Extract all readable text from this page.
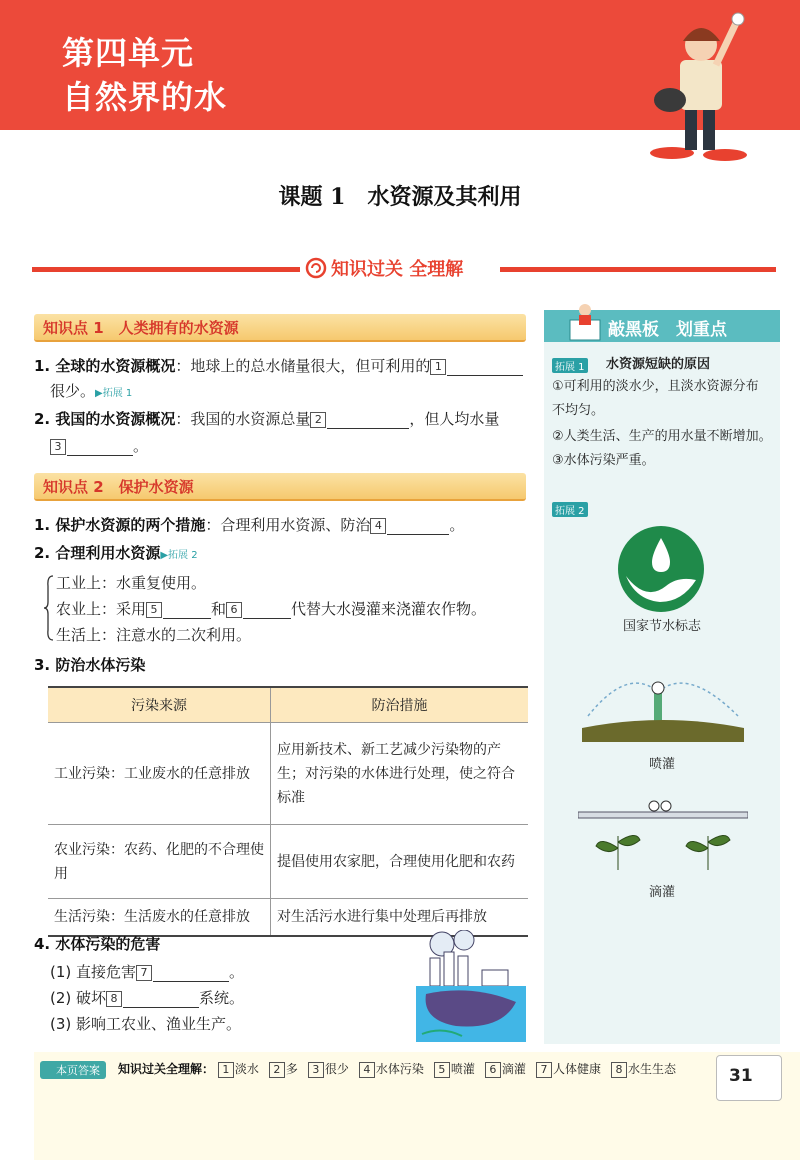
第四单元
自然界的水
课题 1　水资源及其利用
知识过关 全理解
知识点 1　人类拥有的水资源
1. 全球的水资源概况：地球上的总水储量很大，但可利用的 1
很少。▶拓展 1
2. 我国的水资源概况：我国的水资源总量 2	，但人均水量
3	。
知识点 2　保护水资源
1. 保护水资源的两个措施：合理利用水资源、防治 4	。
2. 合理利用水资源▶拓展 2
工业上：水重复使用。
农业上：采用 5	和 6	代替大水漫灌来浇灌农作物。
生活上：注意水的二次利用。
3. 防治水体污染
污染来源	防治措施
工业污染：工业废水的任意排放	应用新技术、新工艺减少污染物的产生；对污染的水体进行处理，使之符合标准
农业污染：农药、化肥的不合理使用	提倡使用农家肥，合理使用化肥和农药
生活污染：生活废水的任意排放	对生活污水进行集中处理后再排放
4. 水体污染的危害
(1) 直接危害 7	。
(2) 破坏 8	系统。
(3) 影响工农业、渔业生产。
敲黑板　划重点
拓展 1 水资源短缺的原因
①可利用的淡水少，且淡水资源分布
不均匀。
②人类生活、生产的用水量不断增加。
③水体污染严重。
拓展 2
国家节水标志
喷灌
滴灌
本页答案	知识过关全理解： 1 淡水 2 多 3 很少 4 水体污染 5 喷灌 6 滴灌 7 人体健康 8 水生生态	31
